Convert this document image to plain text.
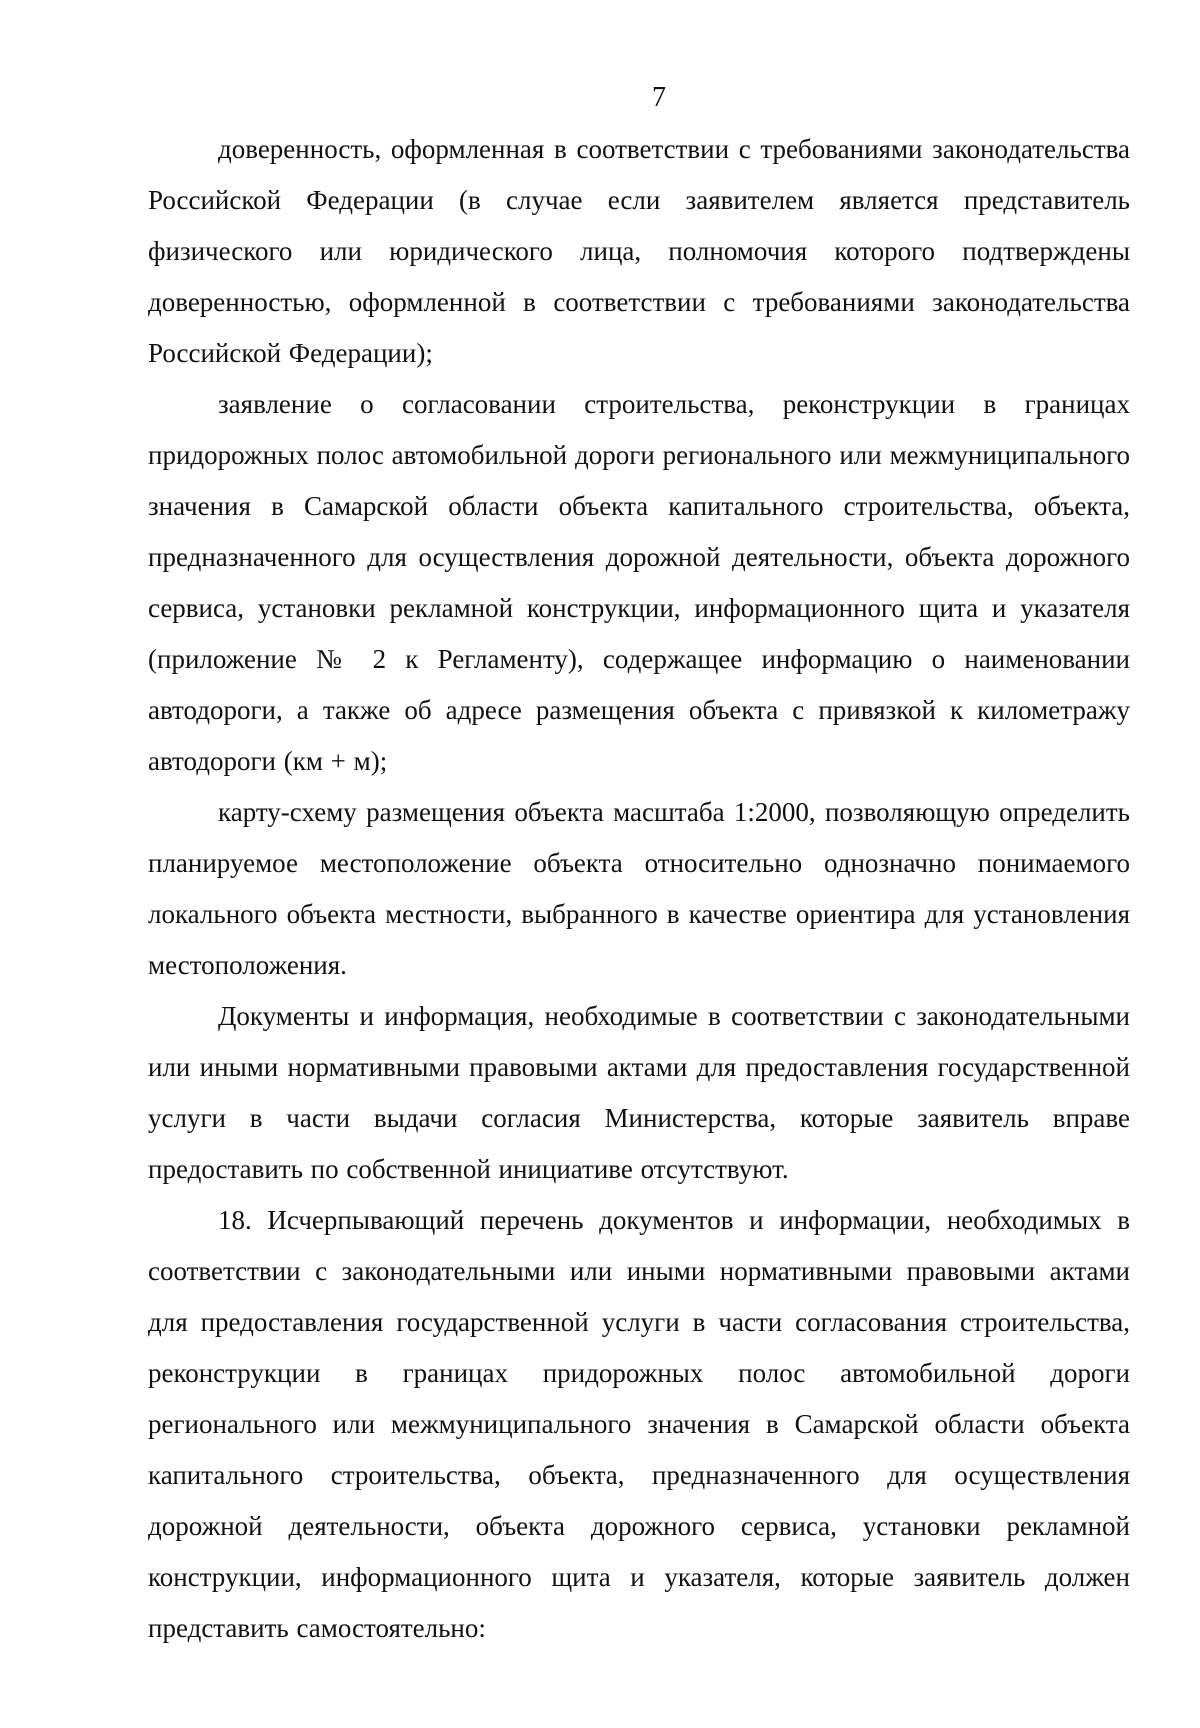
7

доверенность, оформленная в соответствии с требованиями законодательства Российской Федерации (в случае если заявителем является представитель физического или юридического лица, полномочия которого подтверждены доверенностью, оформленной в соответствии с требованиями законодательства Российской Федерации);

заявление о согласовании строительства, реконструкции в границах придорожных полос автомобильной дороги регионального или межмуниципального значения в Самарской области объекта капитального строительства, объекта, предназначенного для осуществления дорожной деятельности, объекта дорожного сервиса, установки рекламной конструкции, информационного щита и указателя (приложение № 2 к Регламенту), содержащее информацию о наименовании автодороги, а также об адресе размещения объекта с привязкой к километражу автодороги (км + м);

карту-схему размещения объекта масштаба 1:2000, позволяющую определить планируемое местоположение объекта относительно однозначно понимаемого локального объекта местности, выбранного в качестве ориентира для установления местоположения.

Документы и информация, необходимые в соответствии с законодательными или иными нормативными правовыми актами для предоставления государственной услуги в части выдачи согласия Министерства, которые заявитель вправе предоставить по собственной инициативе отсутствуют.

18. Исчерпывающий перечень документов и информации, необходимых в соответствии с законодательными или иными нормативными правовыми актами для предоставления государственной услуги в части согласования строительства, реконструкции в границах придорожных полос автомобильной дороги регионального или межмуниципального значения в Самарской области объекта капитального строительства, объекта, предназначенного для осуществления дорожной деятельности, объекта дорожного сервиса, установки рекламной конструкции, информационного щита и указателя, которые заявитель должен представить самостоятельно:
